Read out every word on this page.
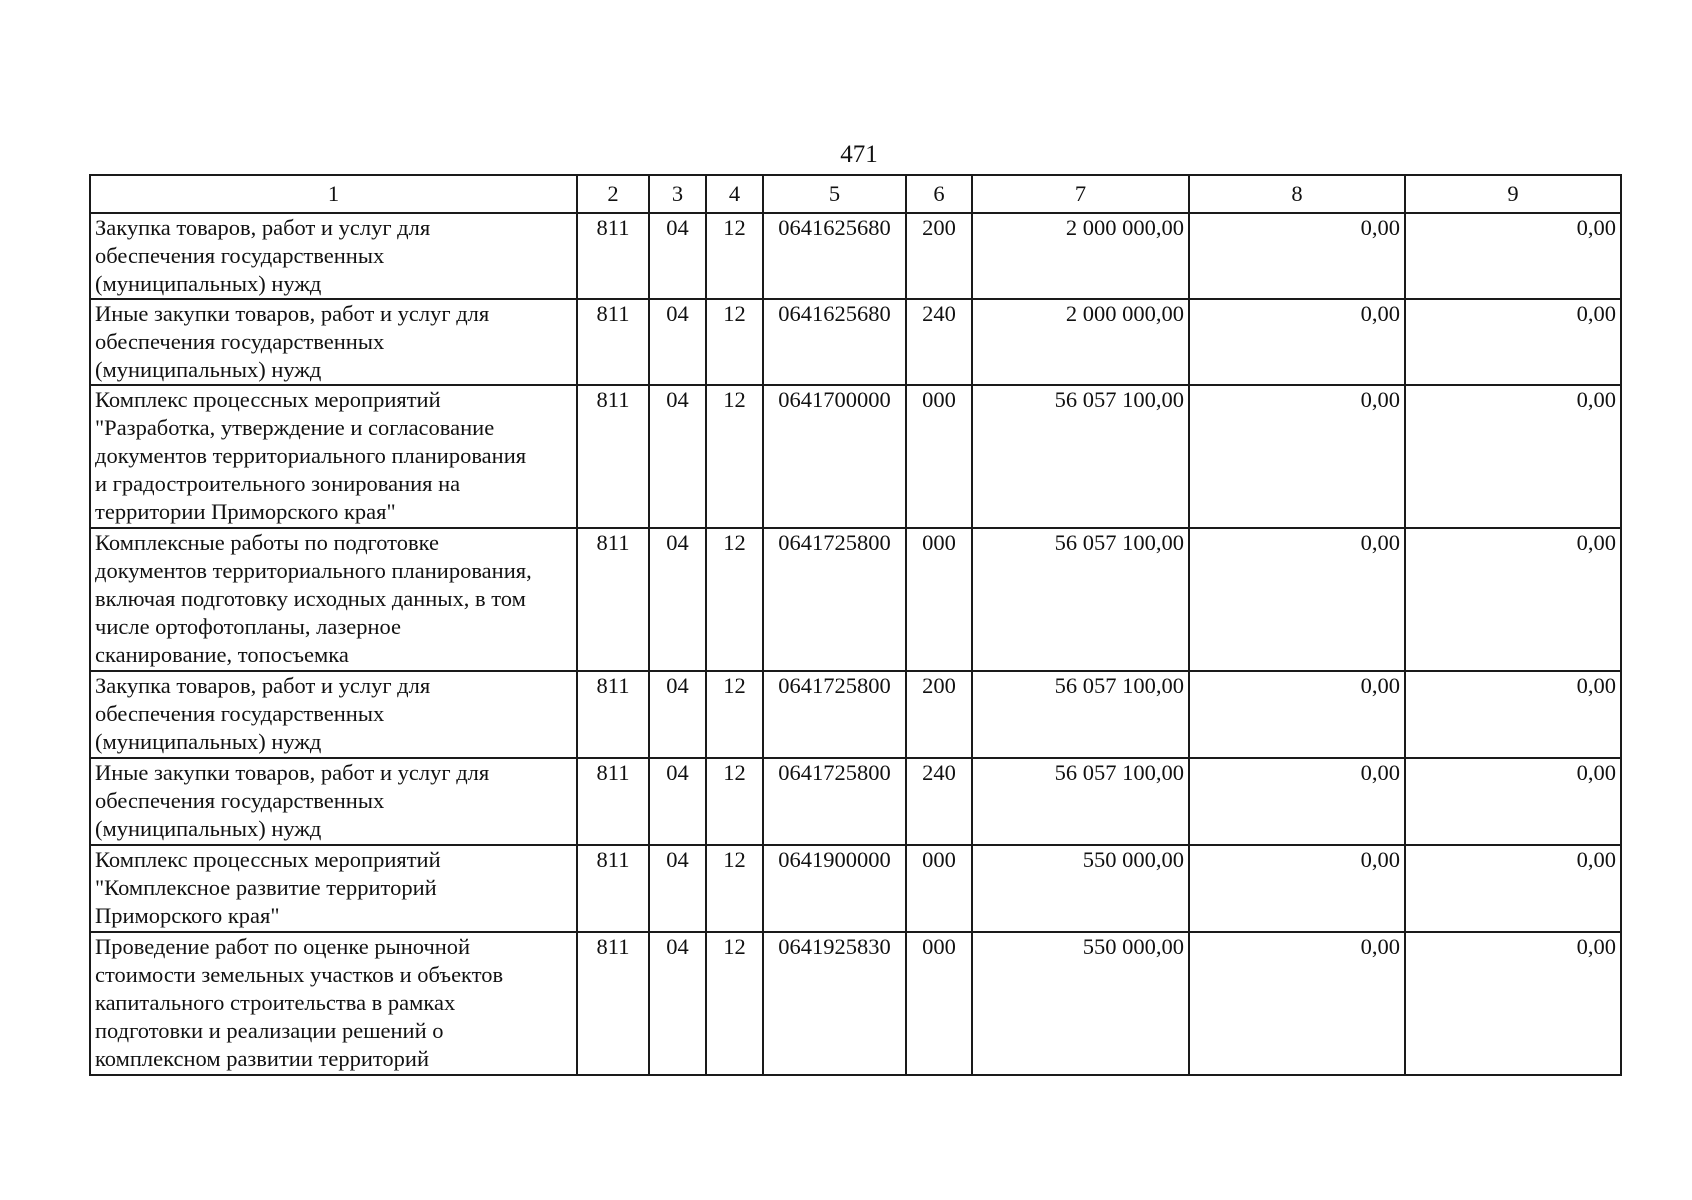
471
1	2	3	4	5	6	7	8	9
Закупка товаров, работ и услуг для
обеспечения государственных
(муниципальных) нужд	811	04	12	0641625680	200	2 000 000,00	0,00	0,00
Иные закупки товаров, работ и услуг для
обеспечения государственных
(муниципальных) нужд	811	04	12	0641625680	240	2 000 000,00	0,00	0,00
Комплекс процессных мероприятий
"Разработка, утверждение и согласование
документов территориального планирования
и градостроительного зонирования на
территории Приморского края"	811	04	12	0641700000	000	56 057 100,00	0,00	0,00
Комплексные работы по подготовке
документов территориального планирования,
включая подготовку исходных данных, в том
числе ортофотопланы, лазерное
сканирование, топосъемка	811	04	12	0641725800	000	56 057 100,00	0,00	0,00
Закупка товаров, работ и услуг для
обеспечения государственных
(муниципальных) нужд	811	04	12	0641725800	200	56 057 100,00	0,00	0,00
Иные закупки товаров, работ и услуг для
обеспечения государственных
(муниципальных) нужд	811	04	12	0641725800	240	56 057 100,00	0,00	0,00
Комплекс процессных мероприятий
"Комплексное развитие территорий
Приморского края"	811	04	12	0641900000	000	550 000,00	0,00	0,00
Проведение работ по оценке рыночной
стоимости земельных участков и объектов
капитального строительства в рамках
подготовки и реализации решений о
комплексном развитии территорий	811	04	12	0641925830	000	550 000,00	0,00	0,00
